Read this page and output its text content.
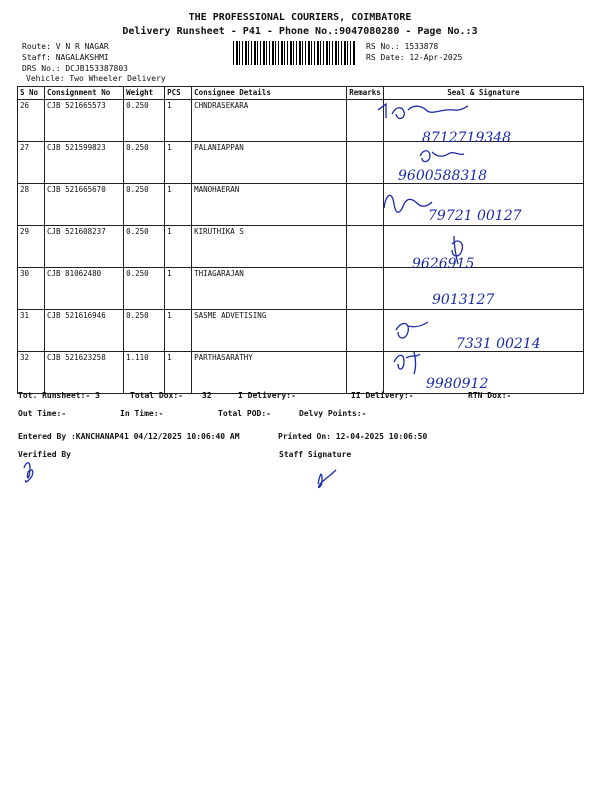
THE PROFESSIONAL COURIERS, COIMBATORE
Delivery Runsheet - P41 - Phone No.:9047080280 - Page No.:3
Route: V N R NAGAR
Staff: NAGALAKSHMI
DRS No.: DCJB153387803
Vehicle: Two Wheeler Delivery
RS No.: 1533878
RS Date: 12-Apr-2025
S No	Consignment No	Weight	PCS	Consignee Details	Remarks	Seal & Signature
26	CJB 521665573	0.250	1	CHNDRASEKARA		
27	CJB 521599823	0.250	1	PALANIAPPAN		
28	CJB 521665670	0.250	1	MANOHAERAN		
29	CJB 521608237	0.250	1	KIRUTHIKA S		
30	CJB 81062480	0.250	1	THIAGARAJAN		
31	CJB 521616946	0.250	1	SASME ADVETISING		
32	CJB 521623258	1.110	1	PARTHASARATHY		
8712719348
9600588318
79721 00127
9626915
9013127
7331 00214
9980912
Tot. Runsheet:- 3	Total Dox:- 32	I Delivery:-	II Delivery:-	RTN Dox:-
Out Time:-	In Time:-	Total POD:-	Delvy Points:-
Entered By :KANCHANAP41 04/12/2025 10:06:40 AM	Printed On: 12-04-2025 10:06:50
Verified By	Staff Signature
